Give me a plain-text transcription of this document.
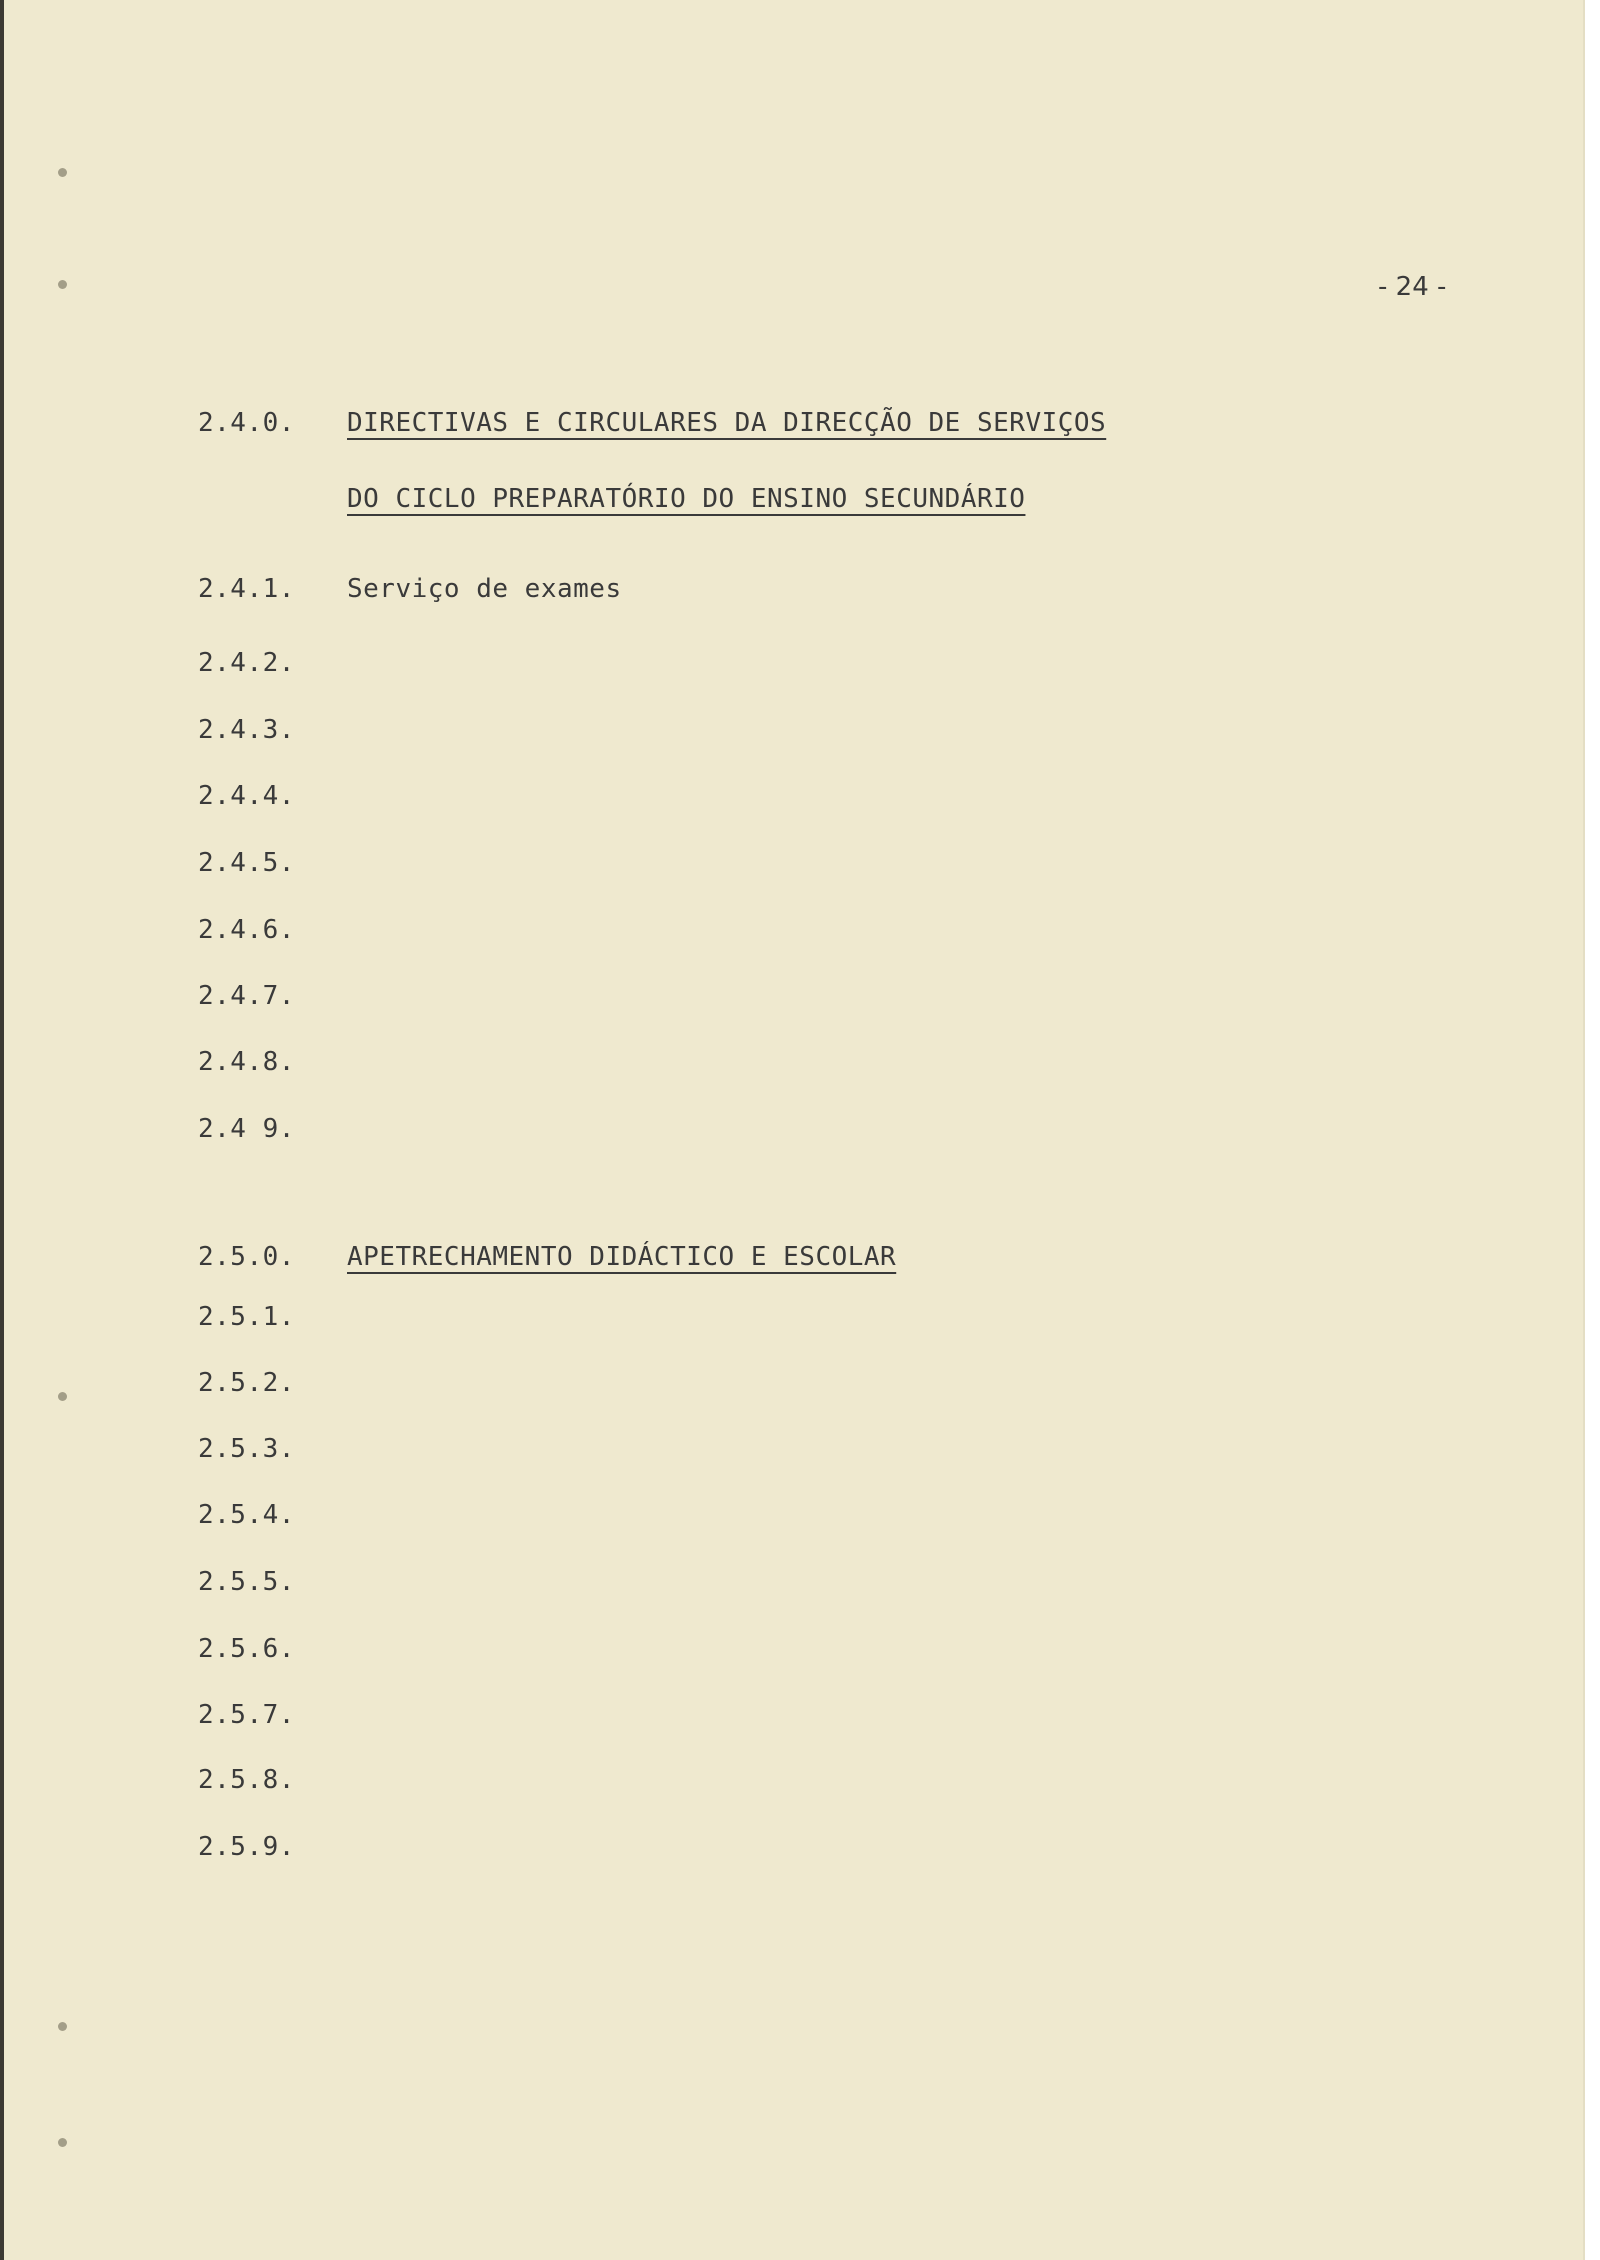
- 24 -
2.4.0. DIRECTIVAS E CIRCULARES DA DIRECÇÃO DE SERVIÇOS
DO CICLO PREPARATÓRIO DO ENSINO SECUNDÁRIO
2.4.1. Serviço de exames
2.4.2.
2.4.3.
2.4.4.
2.4.5.
2.4.6.
2.4.7.
2.4.8.
2.4 9.
2.5.0. APETRECHAMENTO DIDÁCTICO E ESCOLAR
2.5.1.
2.5.2.
2.5.3.
2.5.4.
2.5.5.
2.5.6.
2.5.7.
2.5.8.
2.5.9.
